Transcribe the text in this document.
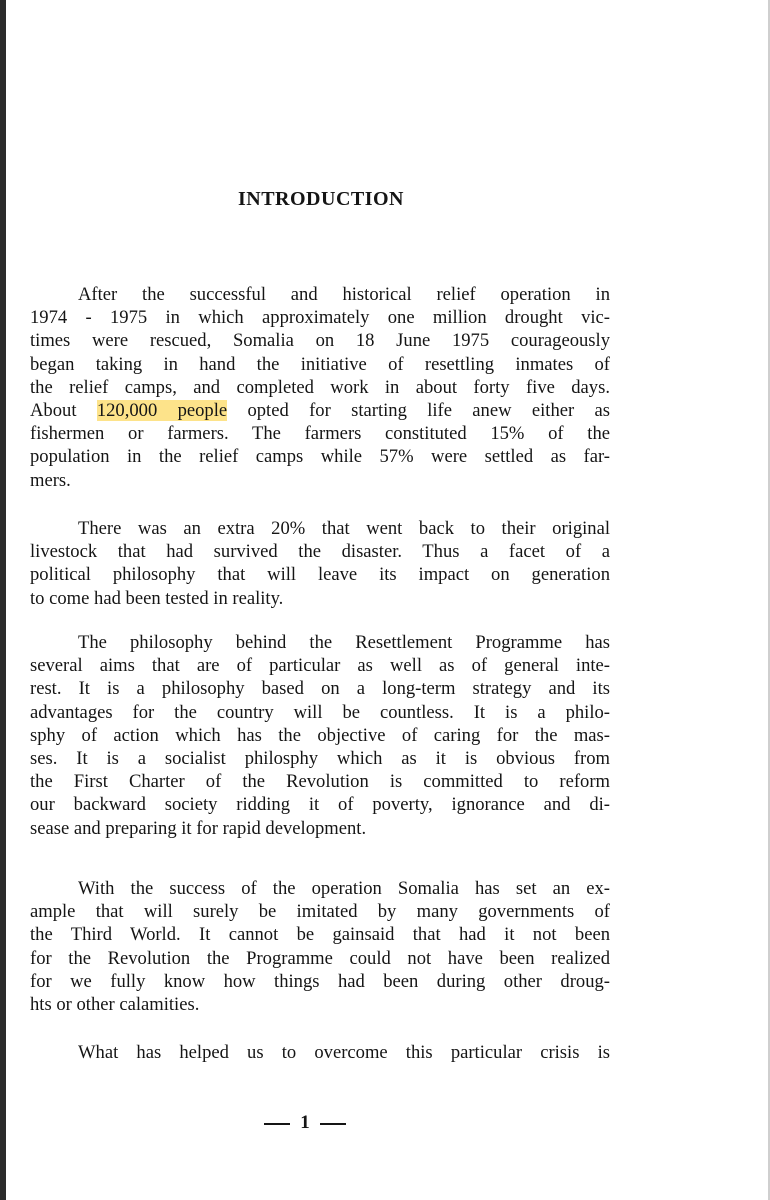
INTRODUCTION
After the successful and historical relief operation in
1974 - 1975 in which approximately one million drought vic-
times were rescued, Somalia on 18 June 1975 courageously
began taking in hand the initiative of resettling inmates of
the relief camps, and completed work in about forty five days.
About 120,000 people opted for starting life anew either as
fishermen or farmers. The farmers constituted 15% of the
population in the relief camps while 57% were settled as far-
mers.
There was an extra 20% that went back to their original
livestock that had survived the disaster. Thus a facet of a
political philosophy that will leave its impact on generation
to come had been tested in reality.
The philosophy behind the Resettlement Programme has
several aims that are of particular as well as of general inte-
rest. It is a philosophy based on a long-term strategy and its
advantages for the country will be countless. It is a philo-
sphy of action which has the objective of caring for the mas-
ses. It is a socialist philosphy which as it is obvious from
the First Charter of the Revolution is committed to reform
our backward society ridding it of poverty, ignorance and di-
sease and preparing it for rapid development.
With the success of the operation Somalia has set an ex-
ample that will surely be imitated by many governments of
the Third World. It cannot be gainsaid that had it not been
for the Revolution the Programme could not have been realized
for we fully know how things had been during other droug-
hts or other calamities.
What has helped us to overcome this particular crisis is
1
